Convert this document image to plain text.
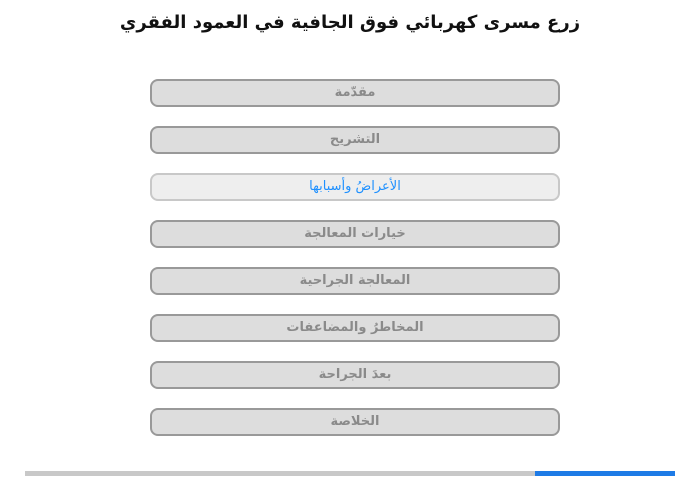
زرع مسرى كهربائي فوق الجافية في العمود الفقري
مقدّمة
التشريح
الأعراضُ وأسبابها
خيارات المعالجة
المعالجة الجراحية
المخاطرُ والمضاعفات
بعدَ الجراحة
الخلاصة
